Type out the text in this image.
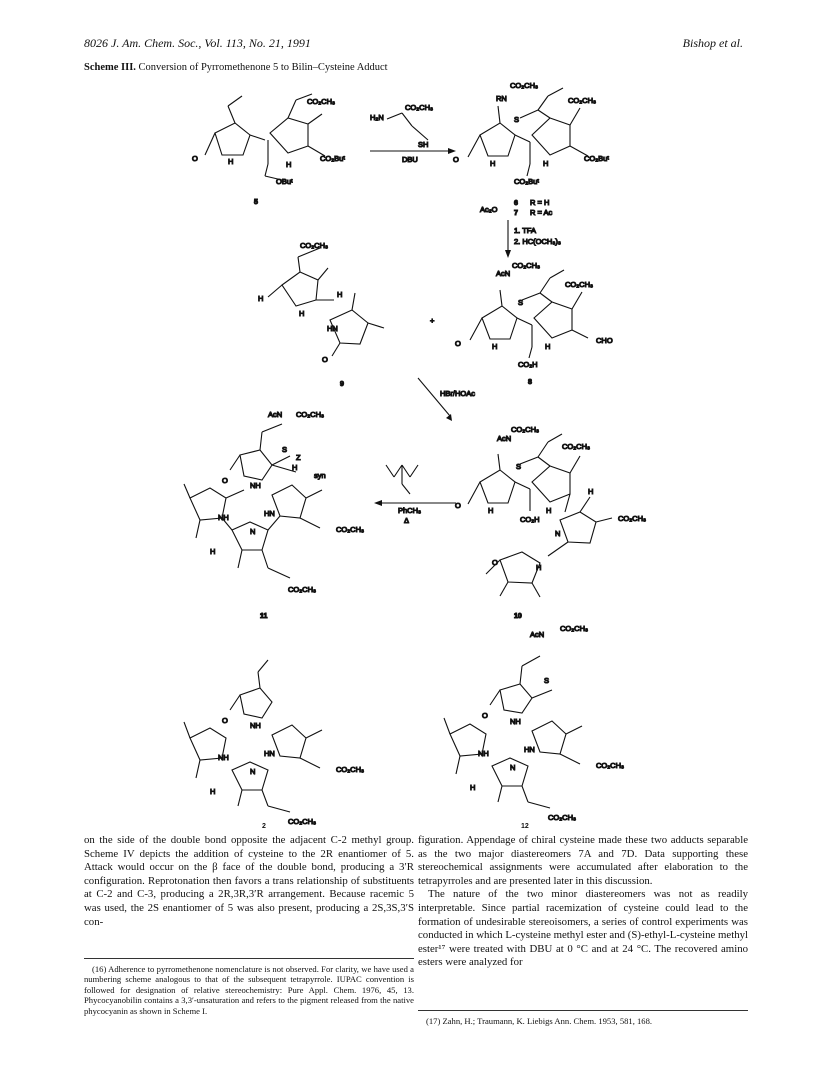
8026 J. Am. Chem. Soc., Vol. 113, No. 21, 1991	Bishop et al.
Scheme III. Conversion of Pyrromethenone 5 to Bilin–Cysteine Adduct
O	H
CO₂CH₃
CO₂Buᵗ
H
OBuᵗ
5
H₂N
CO₂CH₃
SH
DBU	O	H
RN
CO₂CH₃
S
CO₂CH₃
CO₂Buᵗ
H
CO₂Buᵗ
Ac₂O
6 R = H
7 R = Ac
1. TFA
2. HC(OCH₃)₃
CO₂CH₃
H	H
H
HN
O
9
+
O	H
AcN
CO₂CH₃
S
CO₂CH₃
CHO
H
CO₂H
8
HBr/HOAc
AcN
CO₂CH₃
CO₂CH₃
S
O
H
CO₂H
H
H
CO₂CH₃
N
H
O
10
PhCH₃
Δ
AcN CO₂CH₃
S
Z
syn
H
O
NH
NH	HN
N
H
CO₂CH₃
CO₂CH₃
11
O
NH
NH	HN
N
H
CO₂CH₃
CO₂CH₃
AcN
CO₂CH₃
S
O
NH
NH	HN
N
H
CO₂CH₃
CO₂CH₃
2	12

on the side of the double bond opposite the adjacent C-2 methyl group. Scheme IV depicts the addition of cysteine to the 2R enantiomer of 5. Attack would occur on the β face of the double bond, producing a 3′R configuration. Reprotonation then favors a trans relationship of substituents at C-2 and C-3, producing a 2R,3R,3′R arrangement. Because racemic 5 was used, the 2S enantiomer of 5 was also present, producing a 2S,3S,3′S con-

figuration. Appendage of chiral cysteine made these two adducts separable as the two major diastereomers 7A and 7D. Data supporting these stereochemical assignments were accumulated after elaboration to the tetrapyrroles and are presented later in this discussion.

The nature of the two minor diastereomers was not as readily interpretable. Since partial racemization of cysteine could lead to the formation of undesirable stereoisomers, a series of control experiments was conducted in which L-cysteine methyl ester and (S)-ethyl-L-cysteine methyl ester¹⁷ were treated with DBU at 0 °C and at 24 °C. The recovered amino esters were analyzed for

(16) Adherence to pyrromethenone nomenclature is not observed. For clarity, we have used a numbering scheme analogous to that of the subsequent tetrapyrrole. IUPAC convention is followed for designation of relative stereochemistry: Pure Appl. Chem. 1976, 45, 13. Phycocyanobilin contains a 3,3′-unsaturation and refers to the pigment released from the native phycocyanin as shown in Scheme I.

(17) Zahn, H.; Traumann, K. Liebigs Ann. Chem. 1953, 581, 168.
